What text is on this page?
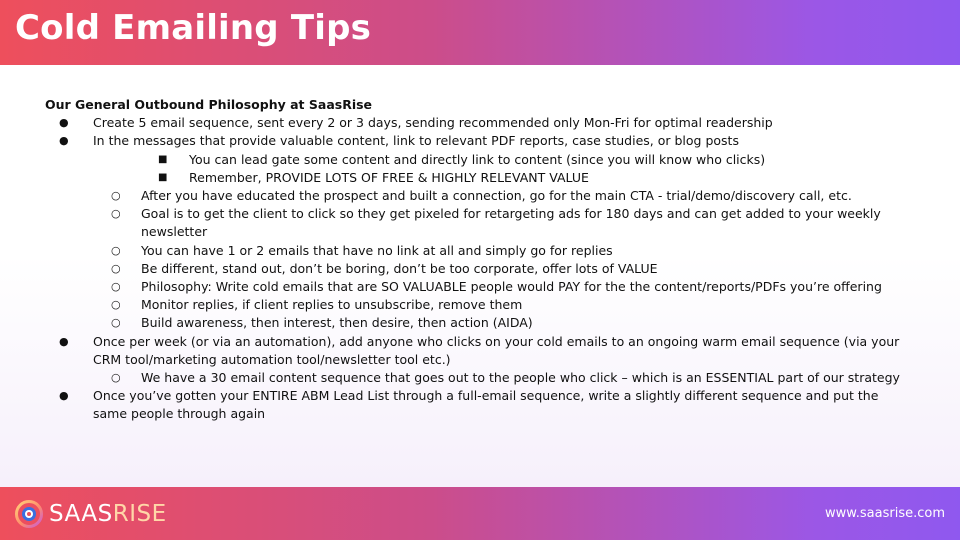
Cold Emailing Tips
Our General Outbound Philosophy at SaasRise
● Create 5 email sequence, sent every 2 or 3 days, sending recommended only Mon-Fri for optimal readership
● In the messages that provide valuable content, link to relevant PDF reports, case studies, or blog posts
■ You can lead gate some content and directly link to content (since you will know who clicks)
■ Remember, PROVIDE LOTS OF FREE & HIGHLY RELEVANT VALUE
○ After you have educated the prospect and built a connection, go for the main CTA - trial/demo/discovery call, etc.
○ Goal is to get the client to click so they get pixeled for retargeting ads for 180 days and can get added to your weekly newsletter
○ You can have 1 or 2 emails that have no link at all and simply go for replies
○ Be different, stand out, don’t be boring, don’t be too corporate, offer lots of VALUE
○ Philosophy: Write cold emails that are SO VALUABLE people would PAY for the the content/reports/PDFs you’re offering
○ Monitor replies, if client replies to unsubscribe, remove them
○ Build awareness, then interest, then desire, then action (AIDA)
● Once per week (or via an automation), add anyone who clicks on your cold emails to an ongoing warm email sequence (via your CRM tool/marketing automation tool/newsletter tool etc.)
○ We have a 30 email content sequence that goes out to the people who click – which is an ESSENTIAL part of our strategy
● Once you’ve gotten your ENTIRE ABM Lead List through a full-email sequence, write a slightly different sequence and put the same people through again
SAASRISE	www.saasrise.com
